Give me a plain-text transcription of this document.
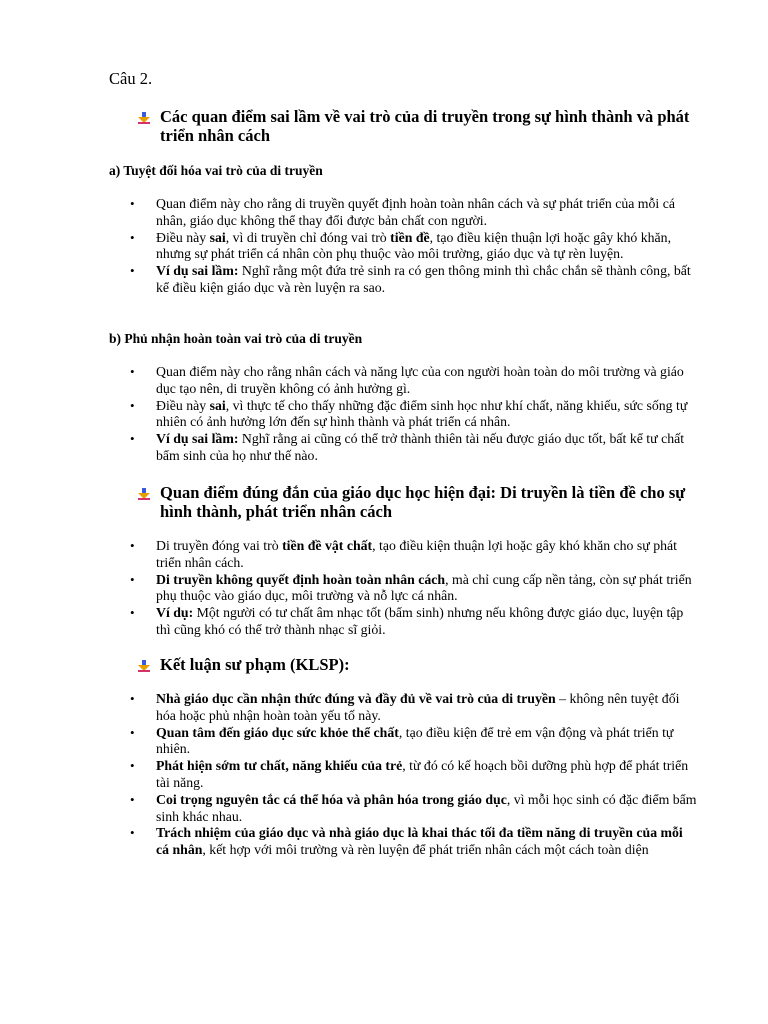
Câu 2.
Các quan điểm sai lầm về vai trò của di truyền trong sự hình thành và phát triển nhân cách
a) Tuyệt đối hóa vai trò của di truyền
• Quan điểm này cho rằng di truyền quyết định hoàn toàn nhân cách và sự phát triển của mỗi cá nhân, giáo dục không thể thay đổi được bản chất con người.
• Điều này sai, vì di truyền chỉ đóng vai trò tiền đề, tạo điều kiện thuận lợi hoặc gây khó khăn, nhưng sự phát triển cá nhân còn phụ thuộc vào môi trường, giáo dục và tự rèn luyện.
• Ví dụ sai lầm: Nghĩ rằng một đứa trẻ sinh ra có gen thông minh thì chắc chắn sẽ thành công, bất kể điều kiện giáo dục và rèn luyện ra sao.
b) Phủ nhận hoàn toàn vai trò của di truyền
• Quan điểm này cho rằng nhân cách và năng lực của con người hoàn toàn do môi trường và giáo dục tạo nên, di truyền không có ảnh hưởng gì.
• Điều này sai, vì thực tế cho thấy những đặc điểm sinh học như khí chất, năng khiếu, sức sống tự nhiên có ảnh hưởng lớn đến sự hình thành và phát triển cá nhân.
• Ví dụ sai lầm: Nghĩ rằng ai cũng có thể trở thành thiên tài nếu được giáo dục tốt, bất kể tư chất bẩm sinh của họ như thế nào.
Quan điểm đúng đắn của giáo dục học hiện đại: Di truyền là tiền đề cho sự hình thành, phát triển nhân cách
• Di truyền đóng vai trò tiền đề vật chất, tạo điều kiện thuận lợi hoặc gây khó khăn cho sự phát triển nhân cách.
• Di truyền không quyết định hoàn toàn nhân cách, mà chỉ cung cấp nền tảng, còn sự phát triển phụ thuộc vào giáo dục, môi trường và nỗ lực cá nhân.
• Ví dụ: Một người có tư chất âm nhạc tốt (bẩm sinh) nhưng nếu không được giáo dục, luyện tập thì cũng khó có thể trở thành nhạc sĩ giỏi.
Kết luận sư phạm (KLSP):
• Nhà giáo dục cần nhận thức đúng và đầy đủ về vai trò của di truyền – không nên tuyệt đối hóa hoặc phủ nhận hoàn toàn yếu tố này.
• Quan tâm đến giáo dục sức khỏe thể chất, tạo điều kiện để trẻ em vận động và phát triển tự nhiên.
• Phát hiện sớm tư chất, năng khiếu của trẻ, từ đó có kế hoạch bồi dưỡng phù hợp để phát triển tài năng.
• Coi trọng nguyên tắc cá thể hóa và phân hóa trong giáo dục, vì mỗi học sinh có đặc điểm bẩm sinh khác nhau.
• Trách nhiệm của giáo dục và nhà giáo dục là khai thác tối đa tiềm năng di truyền của mỗi cá nhân, kết hợp với môi trường và rèn luyện để phát triển nhân cách một cách toàn diện
